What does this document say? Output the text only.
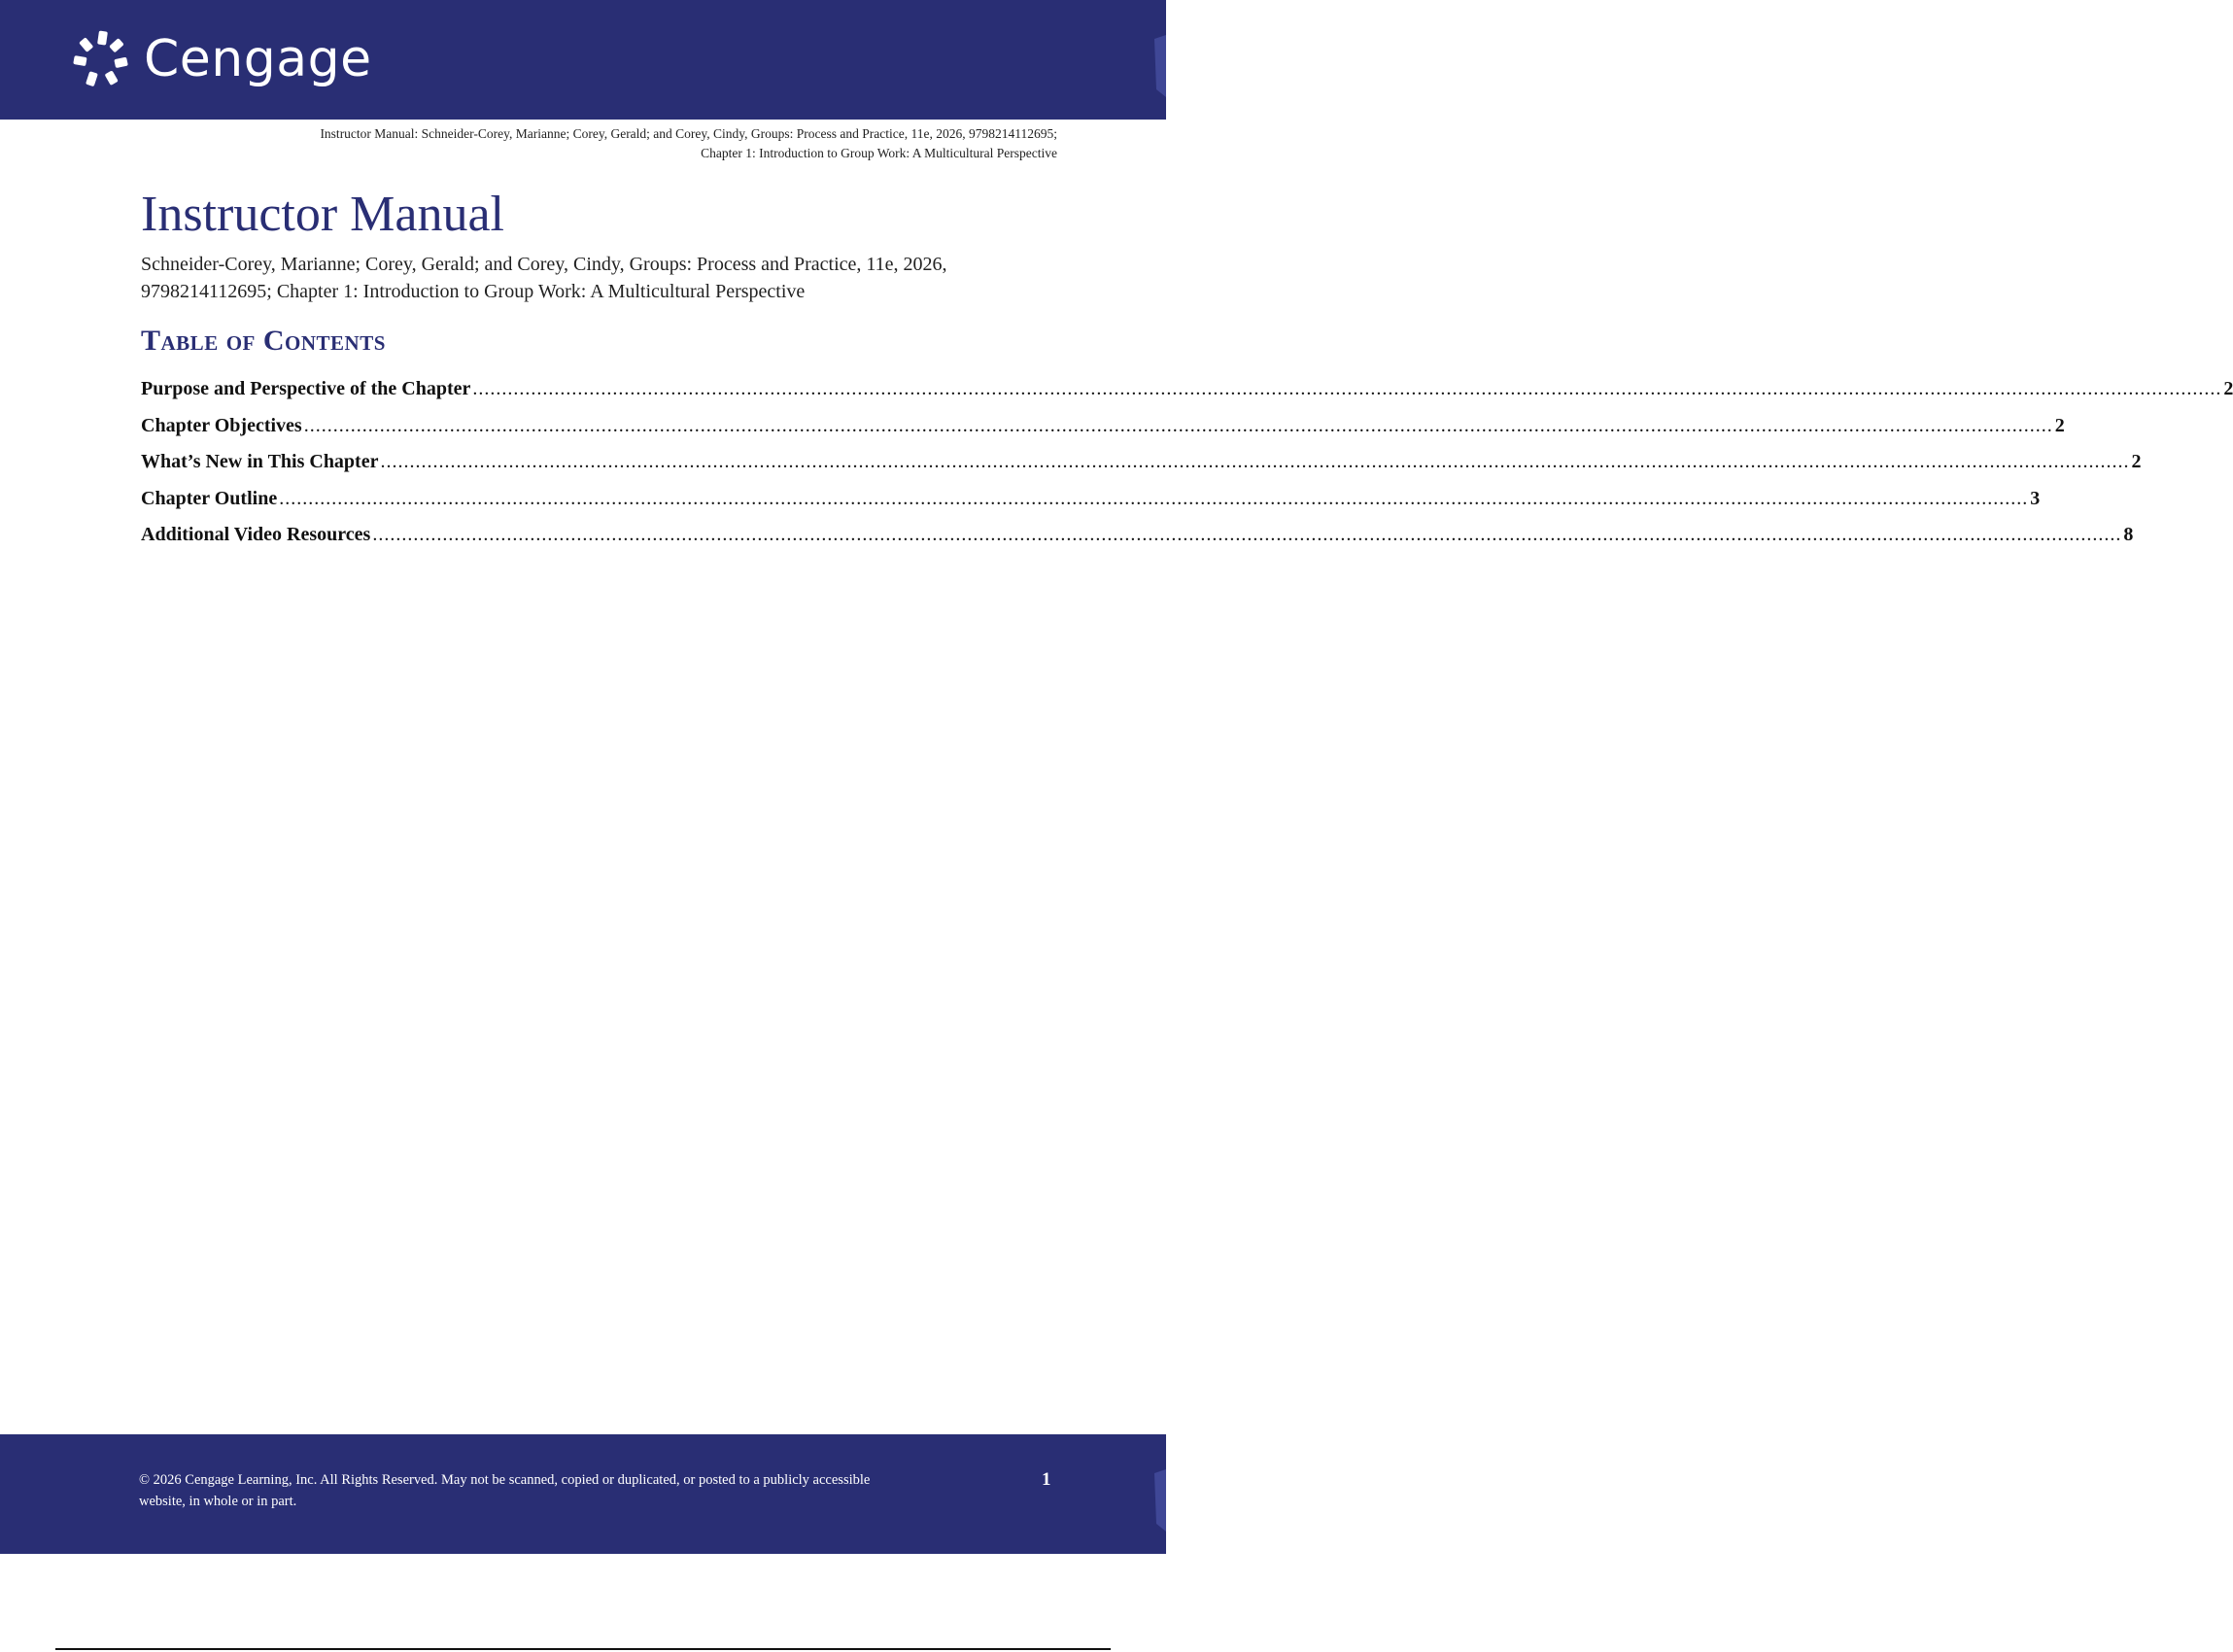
Cengage
Instructor Manual: Schneider-Corey, Marianne; Corey, Gerald; and Corey, Cindy, Groups: Process and Practice, 11e, 2026, 9798214112695;
Chapter 1: Introduction to Group Work: A Multicultural Perspective
Instructor Manual
Schneider-Corey, Marianne; Corey, Gerald; and Corey, Cindy, Groups: Process and Practice, 11e, 2026, 9798214112695; Chapter 1: Introduction to Group Work: A Multicultural Perspective
Table of Contents
Purpose and Perspective of the Chapter ............................................................................................................................................................................................................................................................................................................ 2
Chapter Objectives ............................................................................................................................................................................................................................................................................................................ 2
What’s New in This Chapter ............................................................................................................................................................................................................................................................................................................ 2
Chapter Outline ............................................................................................................................................................................................................................................................................................................ 3
Additional Video Resources ............................................................................................................................................................................................................................................................................................................ 8
© 2026 Cengage Learning, Inc. All Rights Reserved. May not be scanned, copied or duplicated, or posted to a publicly accessible website, in whole or in part.
1
